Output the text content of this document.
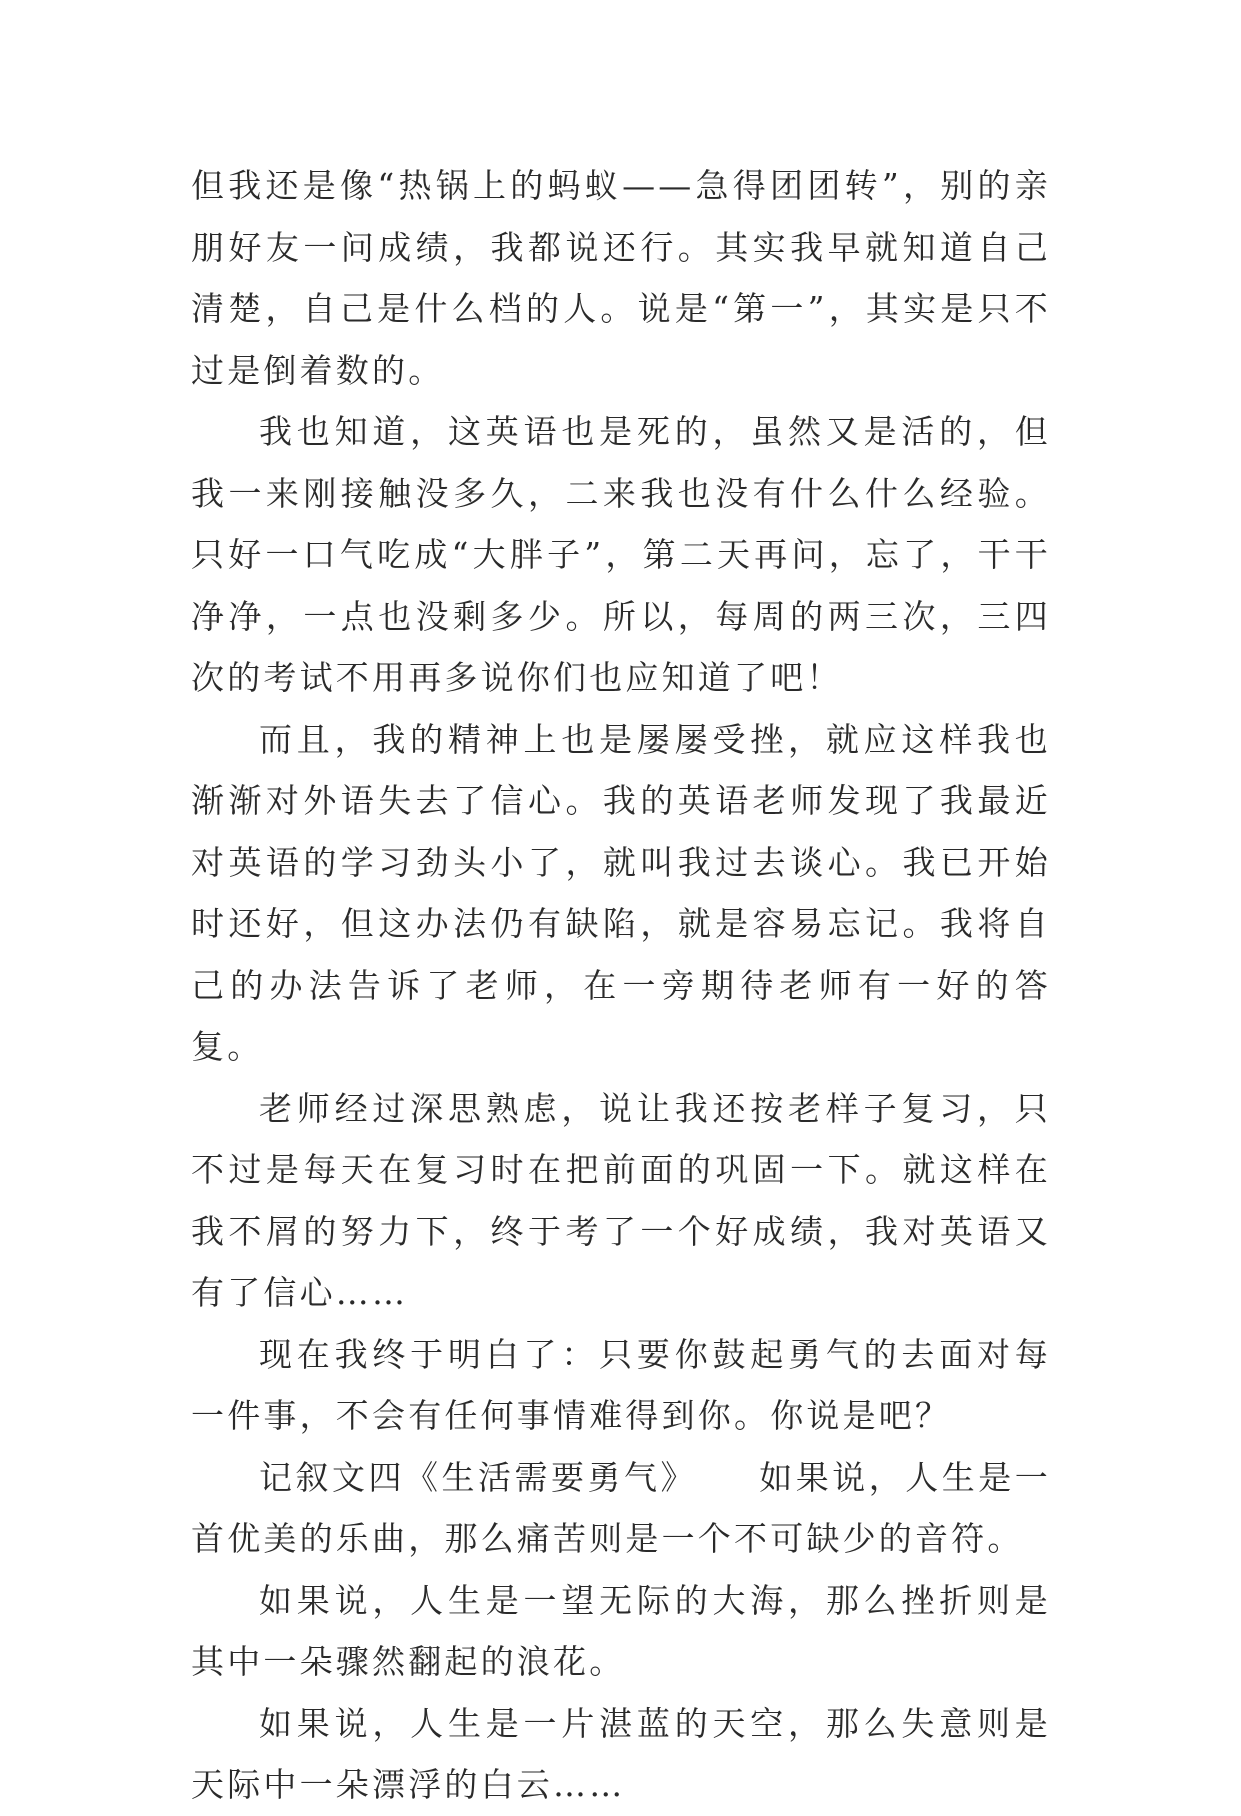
但我还是像“热锅上的蚂蚁——急得团团转”，别的亲朋好友一问成绩，我都说还行。其实我早就知道自己清楚，自己是什么档的人。说是“第一”，其实是只不过是倒着数的。

我也知道，这英语也是死的，虽然又是活的，但我一来刚接触没多久，二来我也没有什么什么经验。只好一口气吃成“大胖子”，第二天再问，忘了，干干净净，一点也没剩多少。所以，每周的两三次，三四次的考试不用再多说你们也应知道了吧！

而且，我的精神上也是屡屡受挫，就应这样我也渐渐对外语失去了信心。我的英语老师发现了我最近对英语的学习劲头小了，就叫我过去谈心。我已开始时还好，但这办法仍有缺陷，就是容易忘记。我将自己的办法告诉了老师，在一旁期待老师有一好的答复。

老师经过深思熟虑，说让我还按老样子复习，只不过是每天在复习时在把前面的巩固一下。就这样在我不屑的努力下，终于考了一个好成绩，我对英语又有了信心……

现在我终于明白了：只要你鼓起勇气的去面对每一件事，不会有任何事情难得到你。你说是吧？

记叙文四《生活需要勇气》 如果说，人生是一首优美的乐曲，那么痛苦则是一个不可缺少的音符。

如果说，人生是一望无际的大海，那么挫折则是其中一朵骤然翻起的浪花。

如果说，人生是一片湛蓝的天空，那么失意则是天际中一朵漂浮的白云……
